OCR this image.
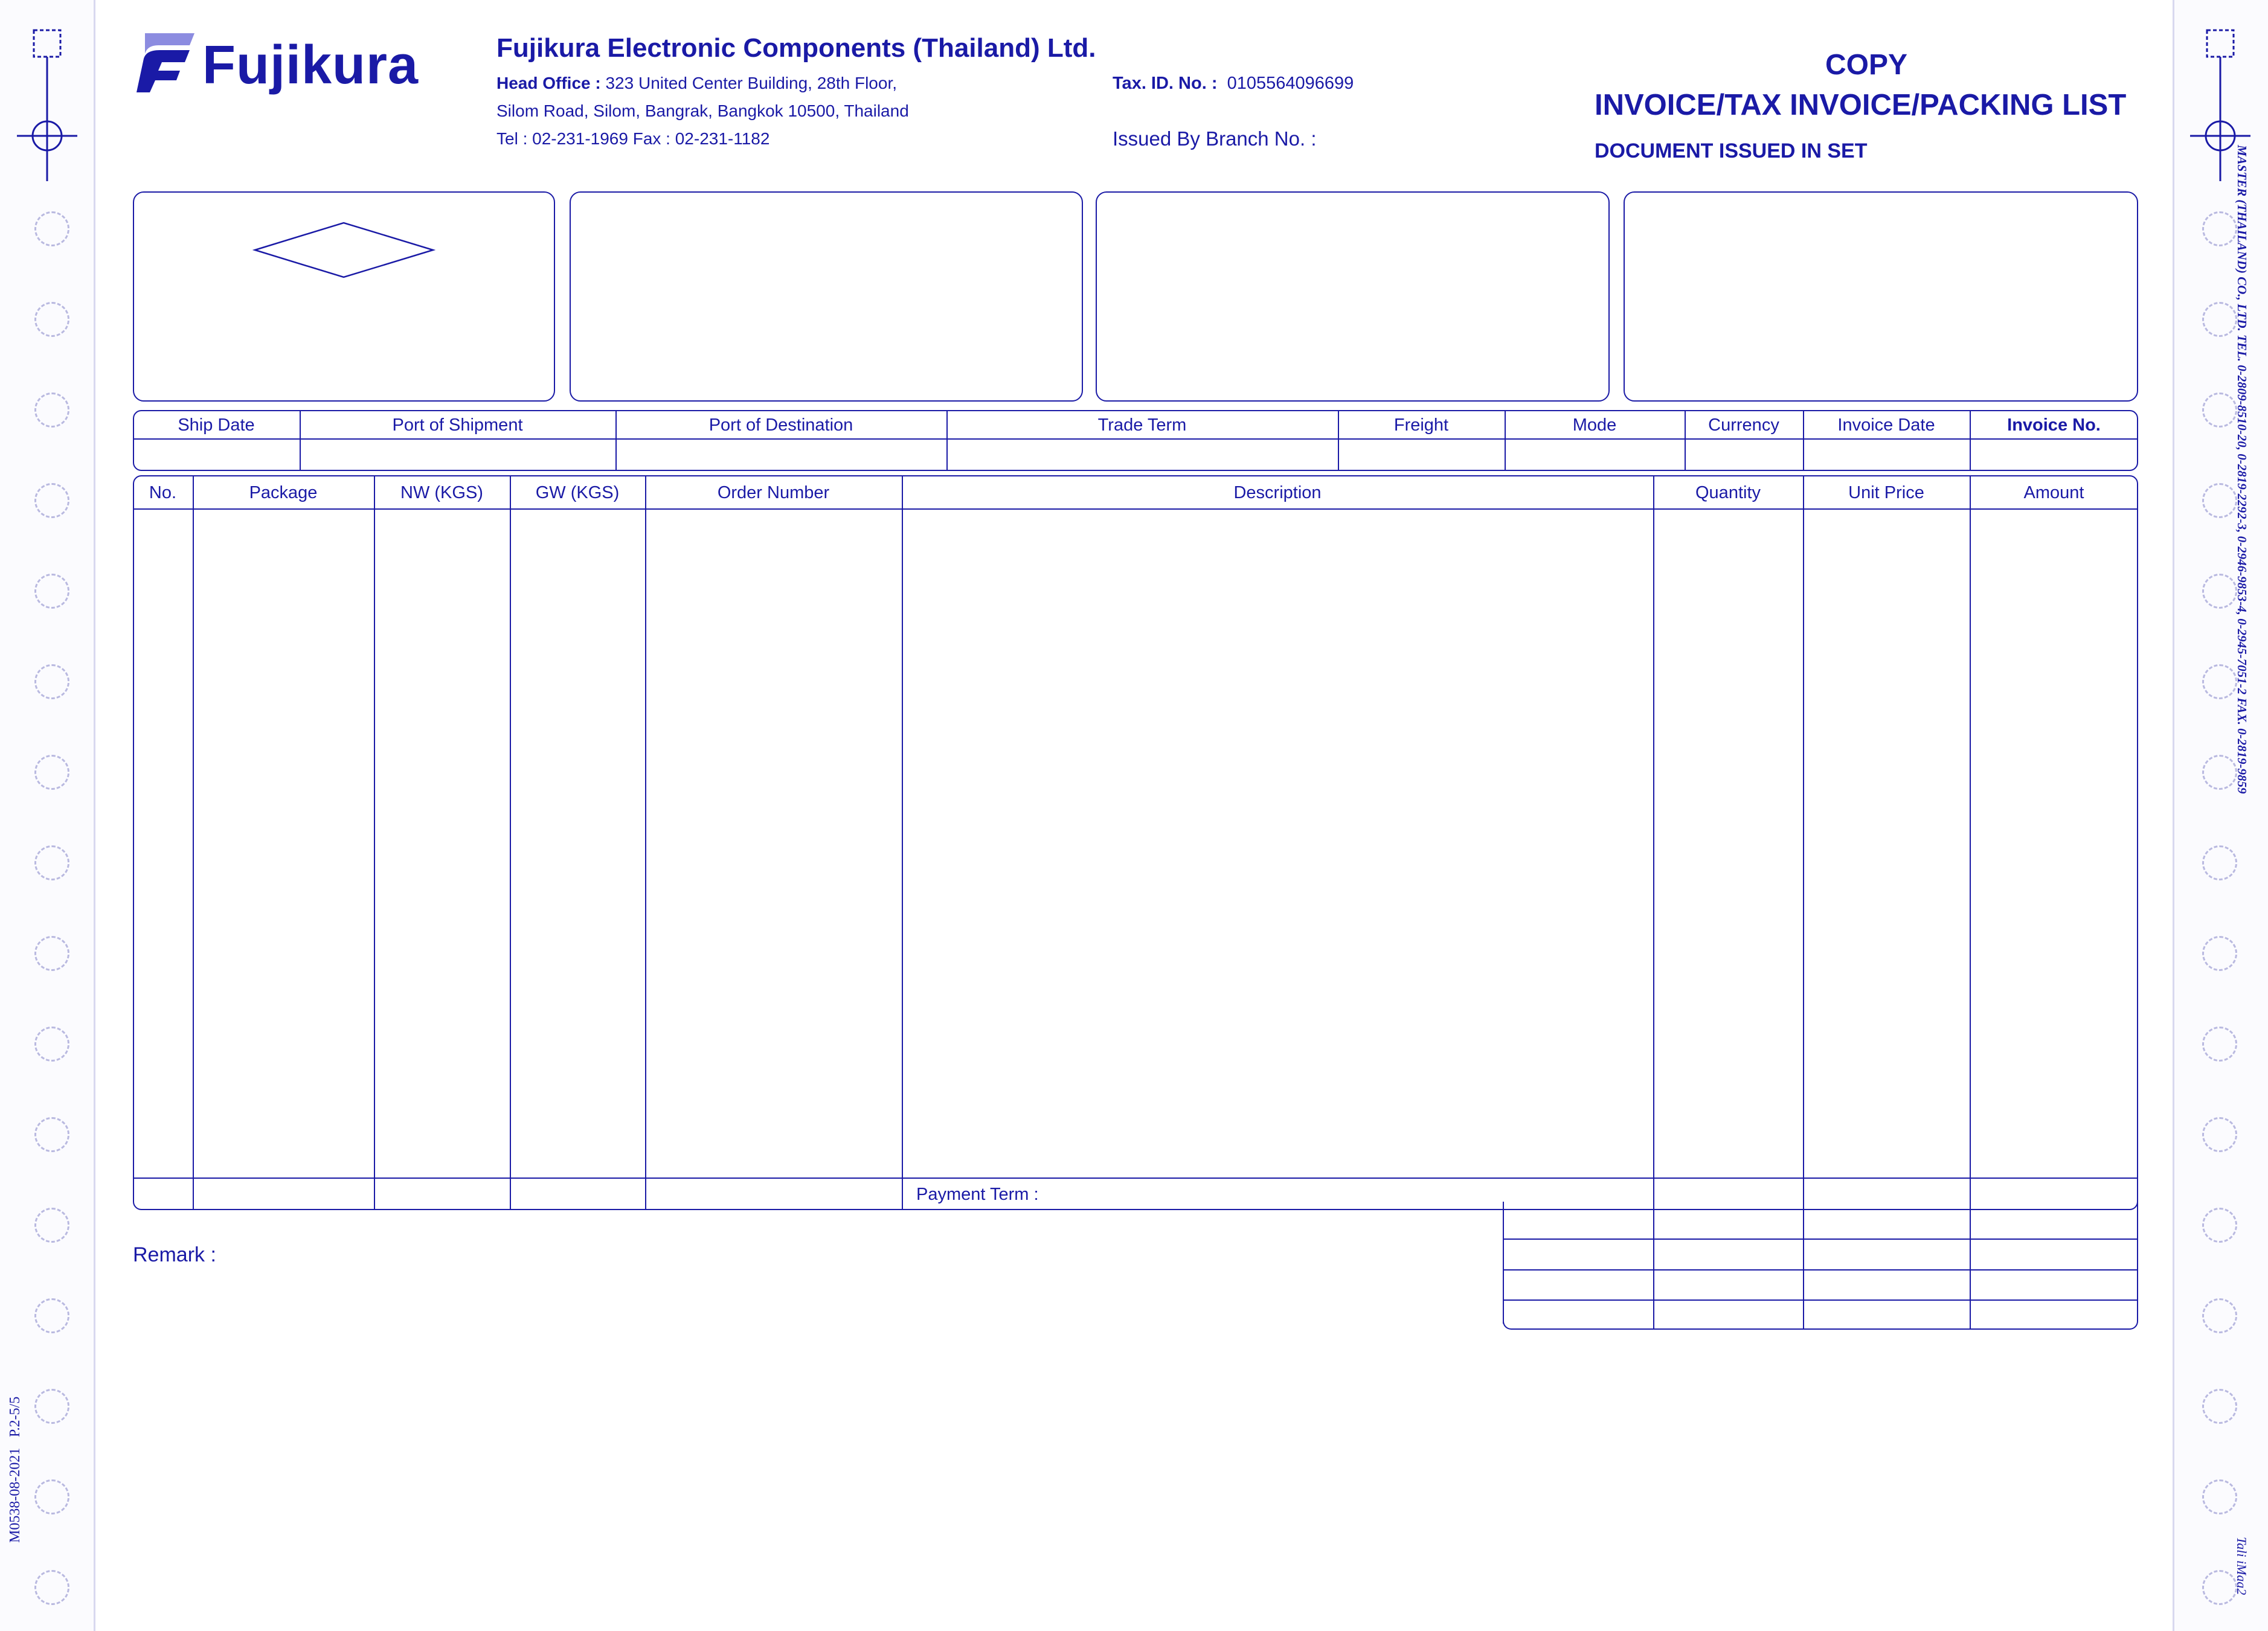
MASTER (THAILAND) CO., LTD. TEL. 0-2809-8510-20, 0-2819-2292-3, 0-2946-9853-4, 0-2945-7051-2 FAX. 0-2819-9859
Tali iMaa2
M0538-08-2021
P.2-5/5
Fujikura	Fujikura Electronic Components (Thailand) Ltd.
Head Office : 323 United Center Building, 28th Floor,
Silom Road, Silom, Bangrak, Bangkok 10500, Thailand
Tel : 02-231-1969 Fax : 02-231-1182
Tax. ID. No. : 0105564096699
Issued By Branch No. :
COPY
INVOICE/TAX INVOICE/PACKING LIST
DOCUMENT ISSUED IN SET
Ship Date	Port of Shipment	Port of Destination	Trade Term	Freight	Mode	Currency	Invoice Date	Invoice No.
No.	Package	NW (KGS)	GW (KGS)	Order Number	Description	Quantity	Unit Price	Amount
Payment Term :
Remark :
